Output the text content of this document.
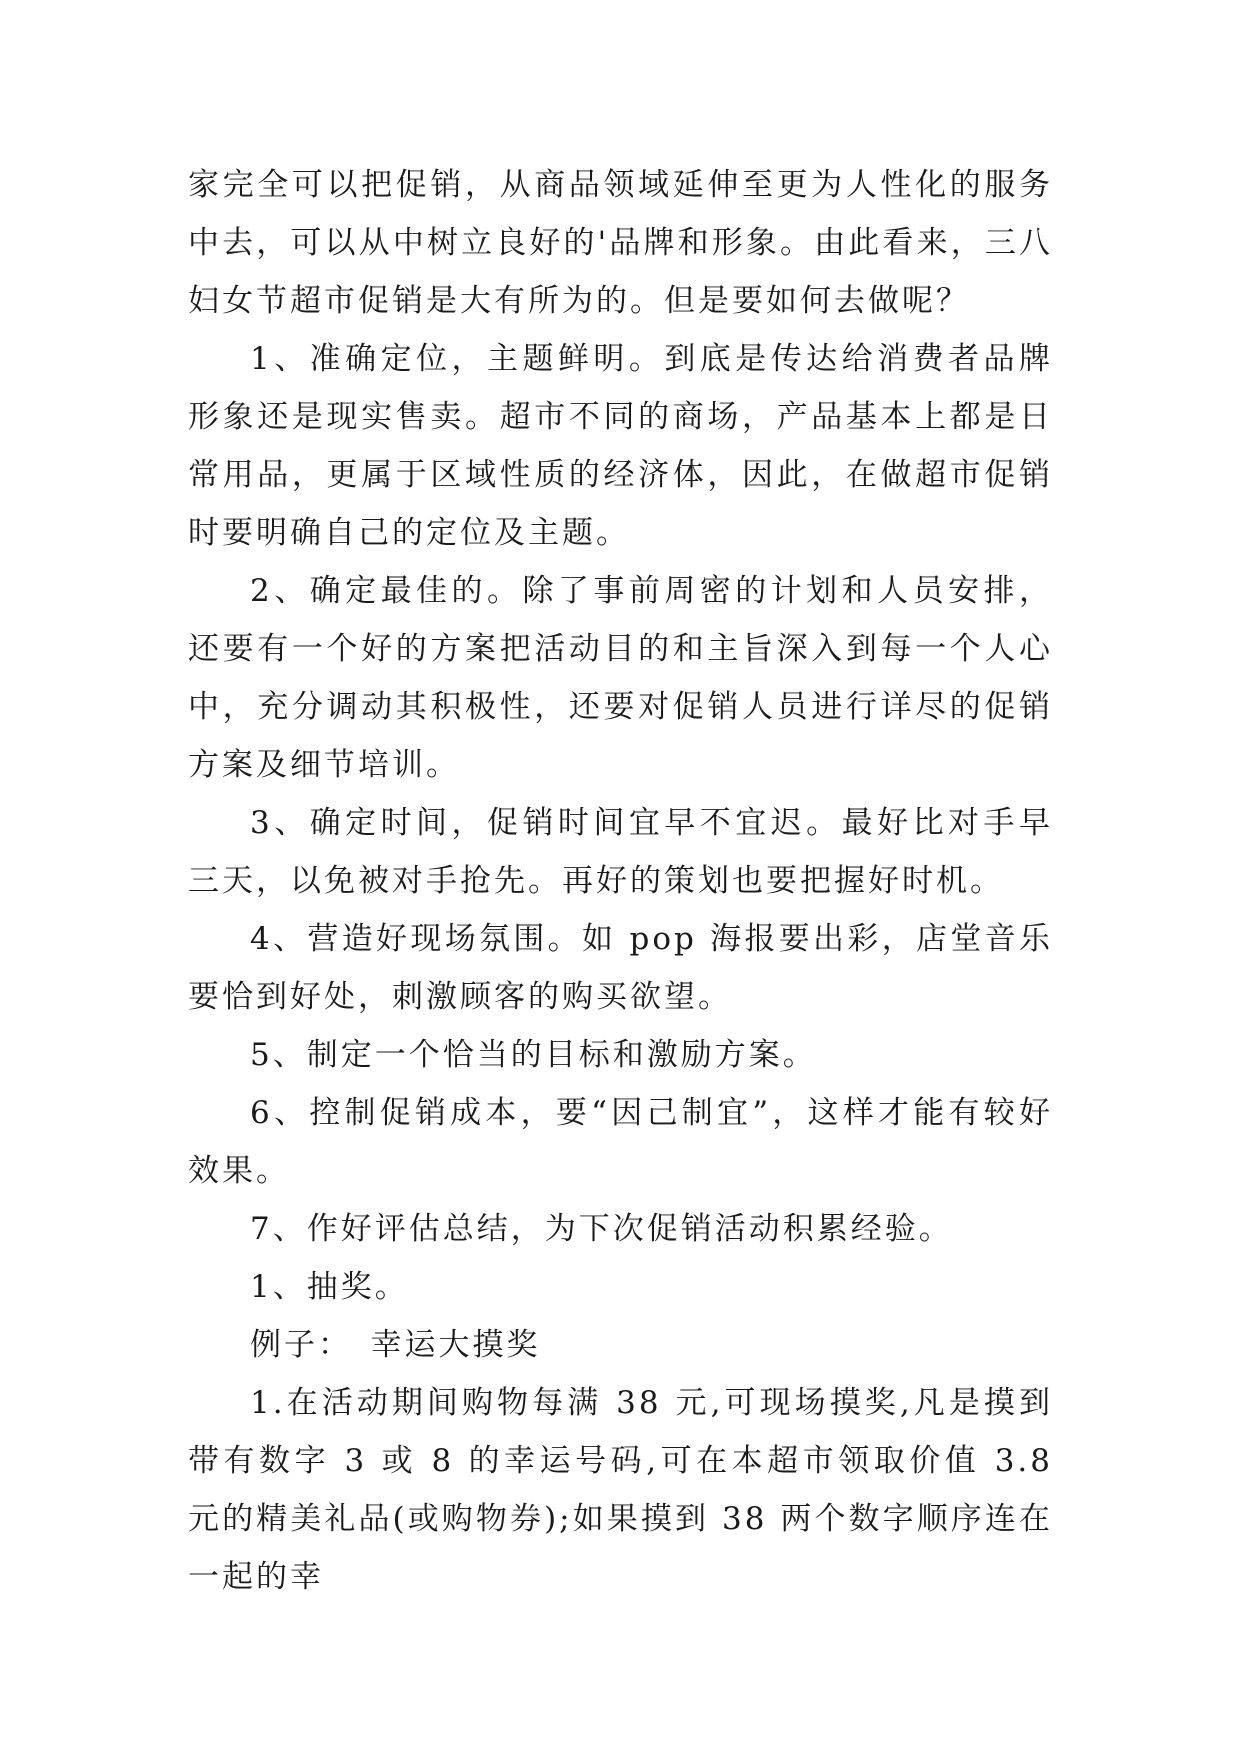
家完全可以把促销，从商品领域延伸至更为人性化的服务中去，可以从中树立良好的'品牌和形象。由此看来，三八妇女节超市促销是大有所为的。但是要如何去做呢？

1、准确定位，主题鲜明。到底是传达给消费者品牌形象还是现实售卖。超市不同的商场，产品基本上都是日常用品，更属于区域性质的经济体，因此，在做超市促销时要明确自己的定位及主题。

2、确定最佳的。除了事前周密的计划和人员安排，还要有一个好的方案把活动目的和主旨深入到每一个人心中，充分调动其积极性，还要对促销人员进行详尽的促销方案及细节培训。

3、确定时间，促销时间宜早不宜迟。最好比对手早三天，以免被对手抢先。再好的策划也要把握好时机。

4、营造好现场氛围。如 pop 海报要出彩，店堂音乐要恰到好处，刺激顾客的购买欲望。

5、制定一个恰当的目标和激励方案。

6、控制促销成本，要“因己制宜”，这样才能有较好效果。

7、作好评估总结，为下次促销活动积累经验。

1、抽奖。

例子：　幸运大摸奖

1.在活动期间购物每满 38 元,可现场摸奖,凡是摸到带有数字 3 或 8 的幸运号码,可在本超市领取价值 3.8 元的精美礼品(或购物券);如果摸到 38 两个数字顺序连在一起的幸
